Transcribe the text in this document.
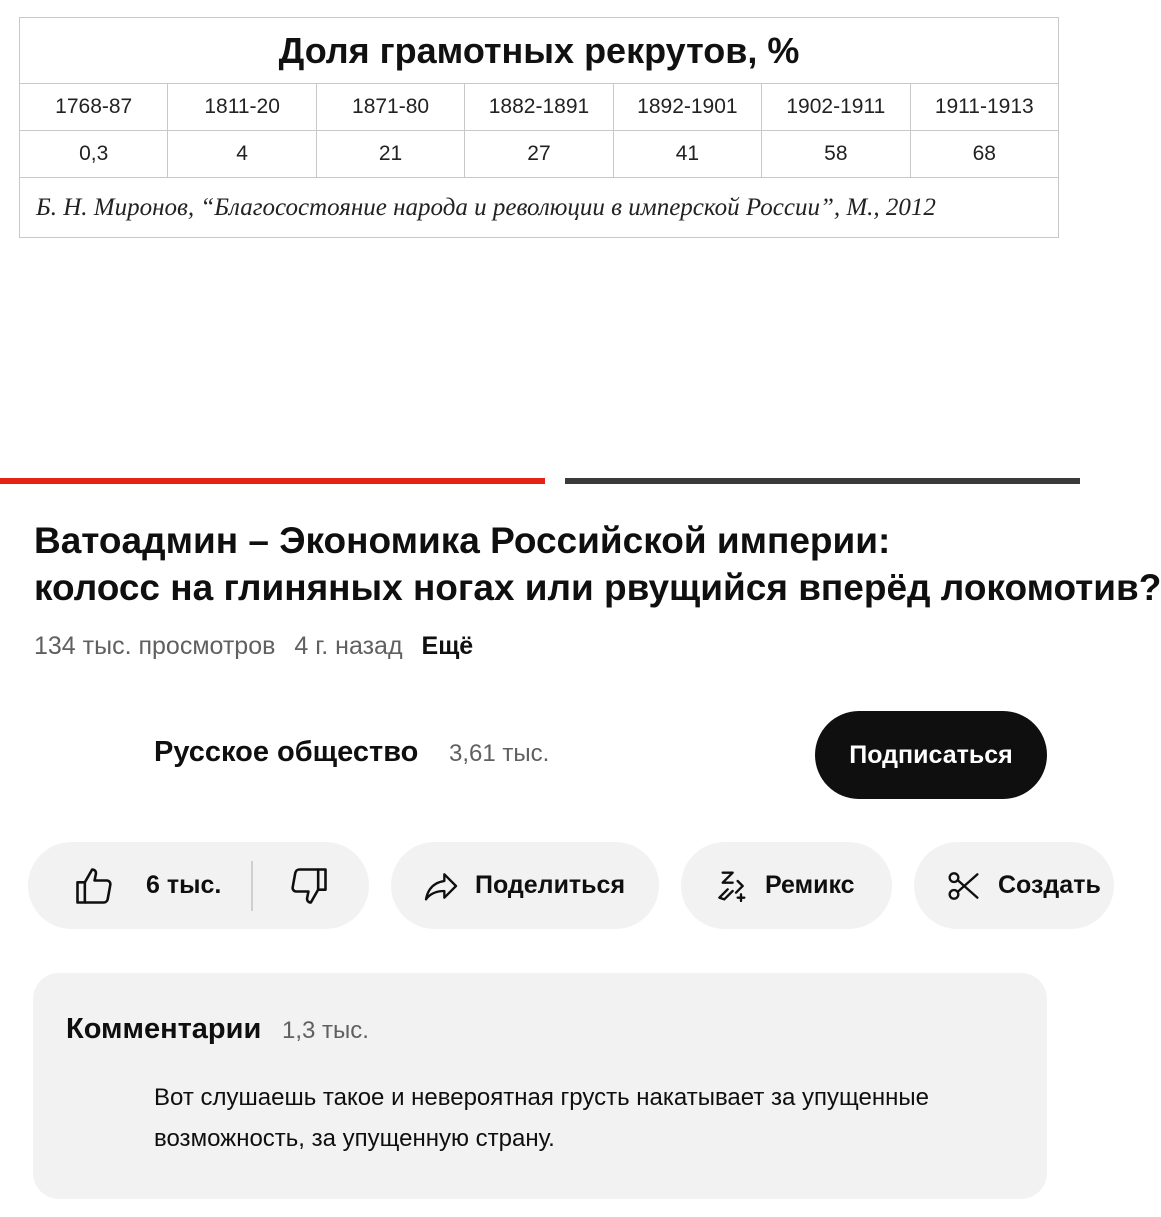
Доля грамотных рекрутов, %						
1768-87	1811-20	1871-80	1882-1891	1892-1901	1902-1911	1911-1913
0,3	4	21	27	41	58	68
Б. Н. Миронов, “Благосостояние народа и революции в имперской России”, М., 2012						
Ватоадмин – Экономика Российской империи:
колосс на глиняных ногах или рвущийся вперёд локомотив?
134 тыс. просмотров 4 г. назад Ещё
Русское общество 3,61 тыс.	Подписаться
6 тыс.	Поделиться	Ремикс	Создать
Комментарии 1,3 тыс.
Вот слушаешь такое и невероятная грусть накатывает за упущенные возможность, за упущенную страну.
